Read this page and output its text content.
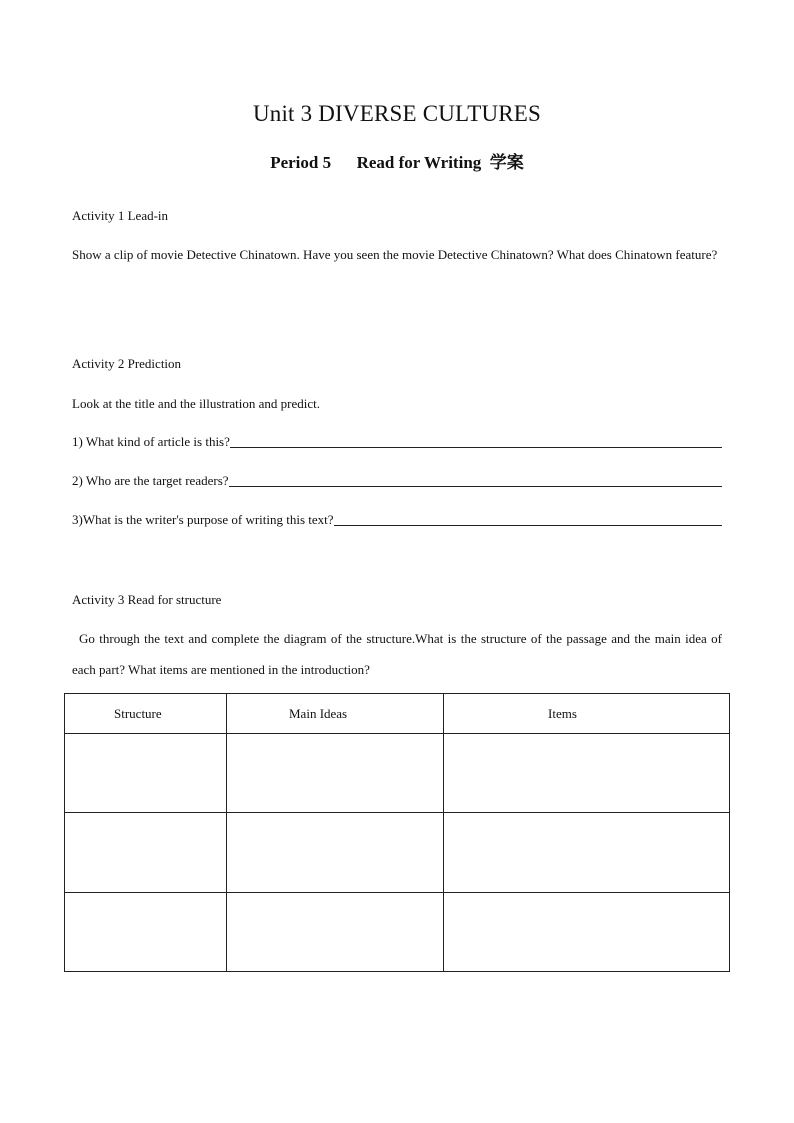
Unit 3 DIVERSE CULTURES
Period 5      Read for Writing  学案
Activity 1 Lead-in
Show a clip of movie Detective Chinatown. Have you seen the movie Detective Chinatown? What does Chinatown feature?
Activity 2 Prediction
Look at the title and the illustration and predict.
1) What kind of article is this?
2) Who are the target readers?
3)What is the writer's purpose of writing this text?
Activity 3 Read for structure
Go through the text and complete the diagram of the structure.What is the structure of the passage and the main idea of each part? What items are mentioned in the introduction?
Structure	Main Ideas	Items
